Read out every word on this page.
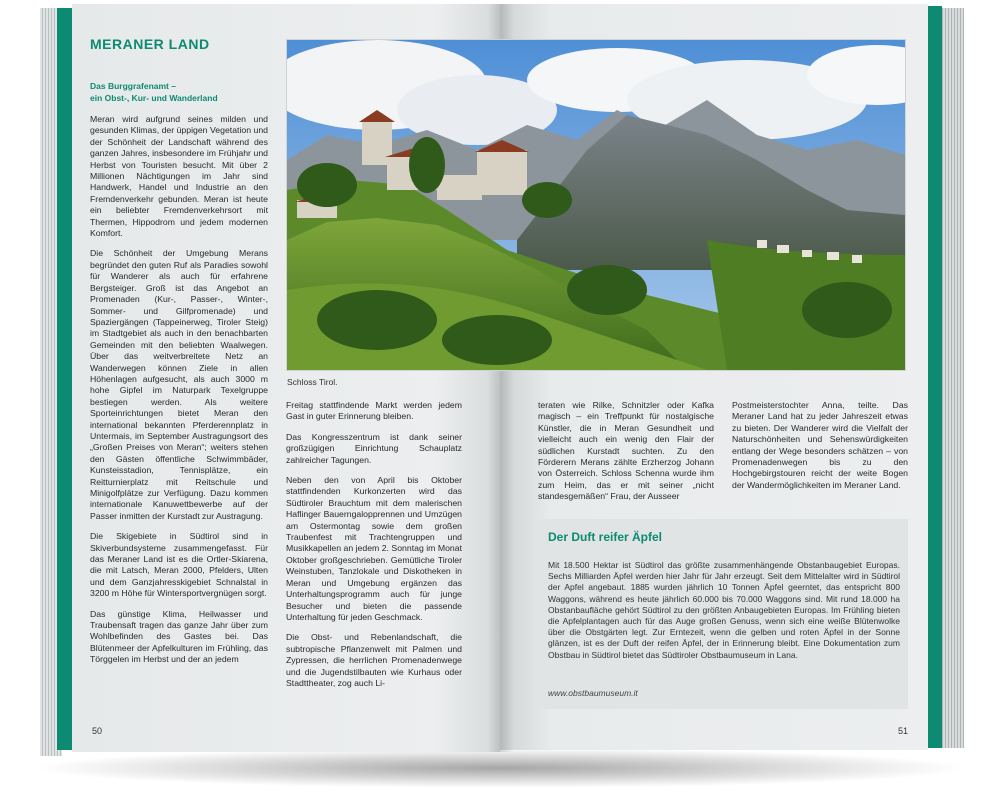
MERANER LAND
Das Burggrafenamt –
ein Obst-, Kur- und Wanderland

Meran wird aufgrund seines milden und gesunden Klimas, der üppigen Vegetation und der Schönheit der Landschaft während des ganzen Jahres, insbesondere im Frühjahr und Herbst von Touristen besucht. Mit über 2 Millionen Nächtigungen im Jahr sind Handwerk, Handel und Industrie an den Fremdenverkehr gebunden. Meran ist heute ein beliebter Fremdenverkehrsort mit Thermen, Hippodrom und jedem modernen Komfort.

Die Schönheit der Umgebung Merans begründet den guten Ruf als Paradies sowohl für Wanderer als auch für erfahrene Bergsteiger. Groß ist das Angebot an Promenaden (Kur-, Passer-, Winter-, Sommer- und Gilfpromenade) und Spaziergängen (Tappeinerweg, Tiroler Steig) im Stadtgebiet als auch in den benachbarten Gemeinden mit den beliebten Waalwegen. Über das weitverbreitete Netz an Wanderwegen können Ziele in allen Höhenlagen aufgesucht, als auch 3000 m hohe Gipfel im Naturpark Texelgruppe bestiegen werden. Als weitere Sporteinrichtungen bietet Meran den international bekannten Pferderennplatz in Untermais, im September Austragungsort des „Großen Preises von Meran“; weiters stehen den Gästen öffentliche Schwimmbäder, Kunsteisstadion, Tennisplätze, ein Reitturnierplatz mit Reitschule und Minigolfplätze zur Verfügung. Dazu kommen internationale Kanuwettbewerbe auf der Passer inmitten der Kurstadt zur Austragung.

Die Skigebiete in Südtirol sind in Skiverbundsysteme zusammengefasst. Für das Meraner Land ist es die Ortler-Skiarena, die mit Latsch, Meran 2000, Pfelders, Ulten und dem Ganzjahresskigebiet Schnalstal in 3200 m Höhe für Wintersportvergnügen sorgt.

Das günstige Klima, Heilwasser und Traubensaft tragen das ganze Jahr über zum Wohlbefinden des Gastes bei. Das Blütenmeer der Apfelkulturen im Frühling, das Törggelen im Herbst und der an jedem

Schloss Tirol.

Freitag stattfindende Markt werden jedem Gast in guter Erinnerung bleiben.

Das Kongresszentrum ist dank seiner großzügigen Einrichtung Schauplatz zahlreicher Tagungen.

Neben den von April bis Oktober stattfindenden Kurkonzerten wird das Südtiroler Brauchtum mit dem malerischen Haflinger Bauerngalopprennen und Umzügen am Ostermontag sowie dem großen Traubenfest mit Trachtengruppen und Musikkapellen an jedem 2. Sonntag im Monat Oktober großgeschrieben. Gemütliche Tiroler Weinstuben, Tanzlokale und Diskotheken in Meran und Umgebung ergänzen das Unterhaltungsprogramm auch für junge Besucher und bieten die passende Unterhaltung für jeden Geschmack.

Die Obst- und Rebenlandschaft, die subtropische Pflanzenwelt mit Palmen und Zypressen, die herrlichen Promenadenwege und die Jugendstilbauten wie Kurhaus oder Stadttheater, zog auch Li-

teraten wie Rilke, Schnitzler oder Kafka magisch – ein Treffpunkt für nostalgische Künstler, die in Meran Gesundheit und vielleicht auch ein wenig den Flair der südlichen Kurstadt suchten. Zu den Förderern Merans zählte Erzherzog Johann von Österreich. Schloss Schenna wurde ihm zum Heim, das er mit seiner „nicht standesgemäßen“ Frau, der Ausseer

Postmeisterstochter Anna, teilte. Das Meraner Land hat zu jeder Jahreszeit etwas zu bieten. Der Wanderer wird die Vielfalt der Naturschönheiten und Sehenswürdigkeiten entlang der Wege besonders schätzen – von Promenadenwegen bis zu den Hochgebirgstouren reicht der weite Bogen der Wandermöglichkeiten im Meraner Land.

Der Duft reifer Äpfel
Mit 18.500 Hektar ist Südtirol das größte zusammenhängende Obstanbaugebiet Europas. Sechs Milliarden Äpfel werden hier Jahr für Jahr erzeugt. Seit dem Mittelalter wird in Südtirol der Apfel angebaut. 1885 wurden jährlich 10 Tonnen Äpfel geerntet, das entspricht 800 Waggons, während es heute jährlich 60.000 bis 70.000 Waggons sind. Mit rund 18.000 ha Obstanbaufläche gehört Südtirol zu den größten Anbaugebieten Europas. Im Frühling bieten die Apfelplantagen auch für das Auge großen Genuss, wenn sich eine weiße Blütenwolke über die Obstgärten legt. Zur Erntezeit, wenn die gelben und roten Äpfel in der Sonne glänzen, ist es der Duft der reifen Äpfel, der in Erinnerung bleibt. Eine Dokumentation zum Obstbau in Südtirol bietet das Südtiroler Obstbaumuseum in Lana.
www.obstbaumuseum.it
50	51
